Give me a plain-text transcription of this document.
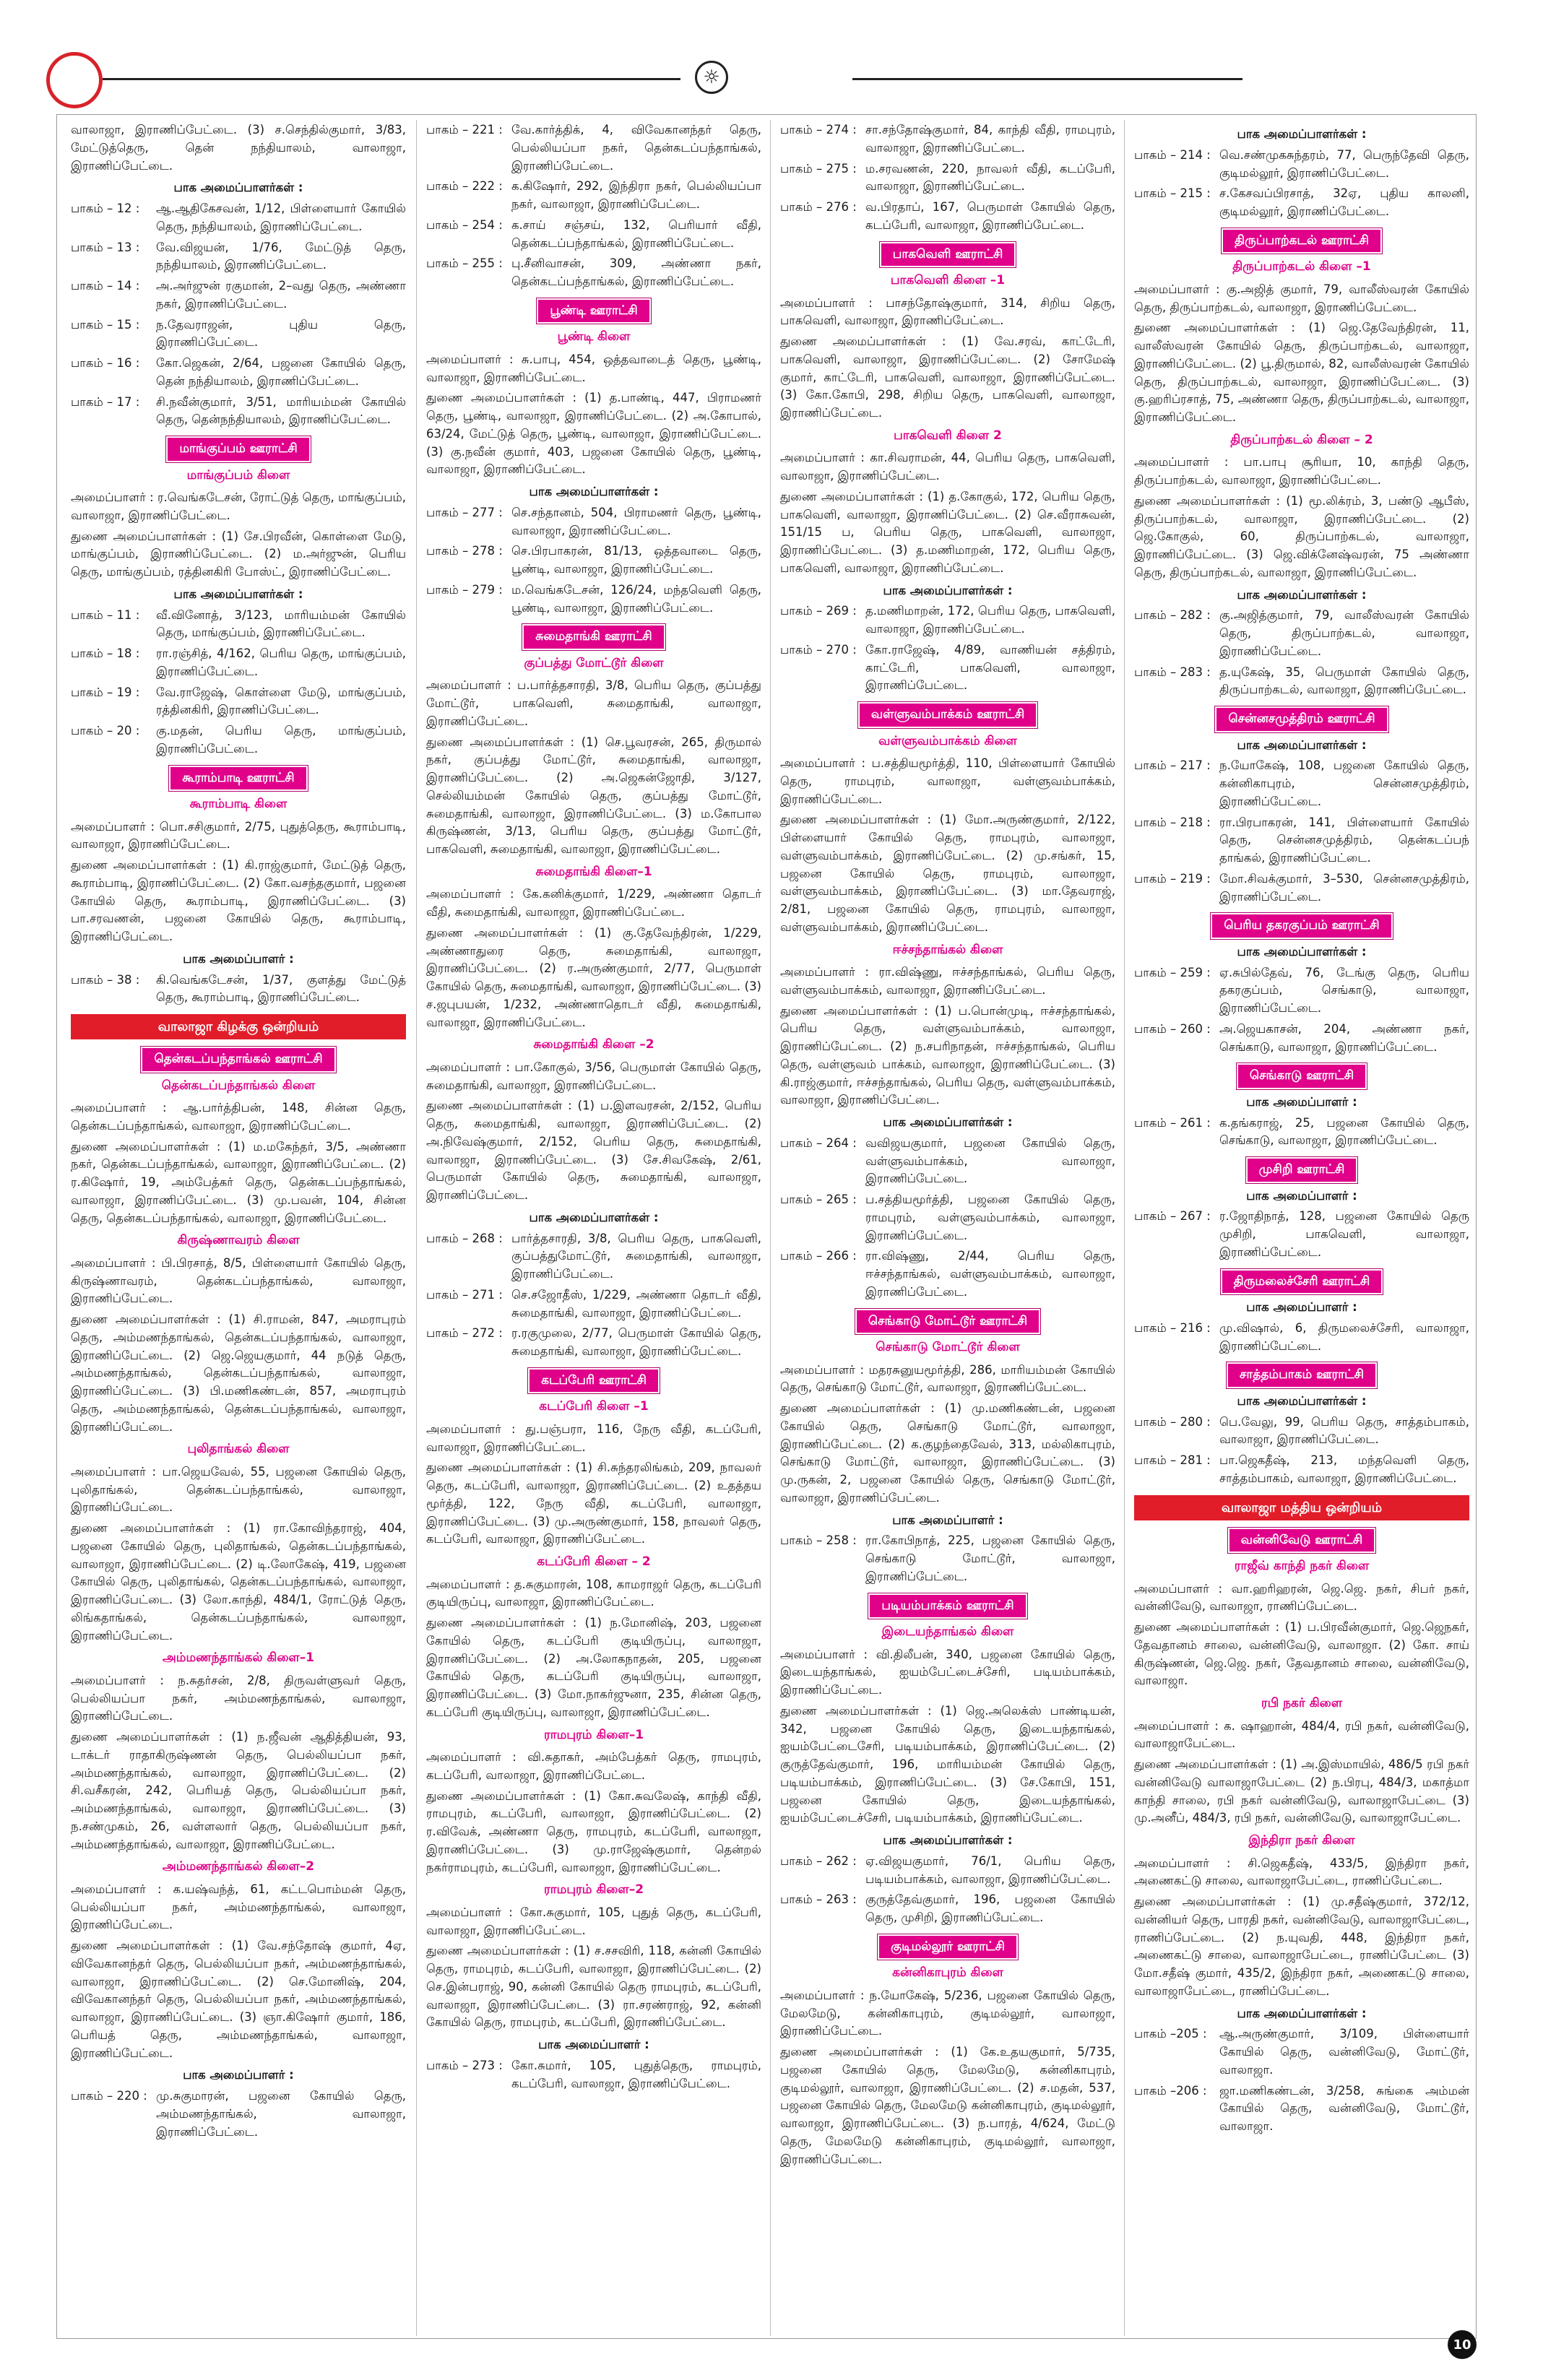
☼

வாலாஜா, இராணிப்பேட்டை. (3) ச.செந்தில்குமார், 3/83, மேட்டுத்தெரு, தென் நந்தியாலம், வாலாஜா, இராணிப்பேட்டை.

பாக அமைப்பாளர்கள் :
பாகம் – 12 :	ஆ.ஆதிகேசவன், 1/12, பிள்ளையார் கோயில் தெரு, நந்தியாலம், இராணிப்பேட்டை.
பாகம் – 13 :	வே.விஜயன், 1/76, மேட்டுத் தெரு, நந்தியாலம், இராணிப்பேட்டை.
பாகம் – 14 :	அ.அர்ஜுன் ரகுமான், 2–வது தெரு, அண்ணா நகர், இராணிப்பேட்டை.
பாகம் – 15 :	ந.தேவராஜன், புதிய தெரு, இராணிப்பேட்டை.
பாகம் – 16 :	கோ.ஜெகன், 2/64, பஜனை கோயில் தெரு, தென் நந்தியாலம், இராணிப்பேட்டை.
பாகம் – 17 :	சி.நவீன்குமார், 3/51, மாரியம்மன் கோயில் தெரு, தென்நந்தியாலம், இராணிப்பேட்டை.
மாங்குப்பம் ஊராட்சி
மாங்குப்பம் கிளை

அமைப்பாளர் : ர.வெங்கடேசன், ரோட்டுத் தெரு, மாங்குப்பம், வாலாஜா, இராணிப்பேட்டை.

துணை அமைப்பாளர்கள் : (1) சே.பிரவீன், கொள்ளை மேடு, மாங்குப்பம், இராணிப்பேட்டை. (2) ம.அர்ஜுன், பெரிய தெரு, மாங்குப்பம், ரத்தினகிரி போஸ்ட், இராணிப்பேட்டை.

பாக அமைப்பாளர்கள் :
பாகம் – 11 :	வீ.வினோத், 3/123, மாரியம்மன் கோயில் தெரு, மாங்குப்பம், இராணிப்பேட்டை.
பாகம் – 18 :	ரா.ரஞ்சித், 4/162, பெரிய தெரு, மாங்குப்பம், இராணிப்பேட்டை.
பாகம் – 19 :	வே.ராஜேஷ், கொள்ளை மேடு, மாங்குப்பம், ரத்தினகிரி, இராணிப்பேட்டை.
பாகம் – 20 :	கு.மதன், பெரிய தெரு, மாங்குப்பம், இராணிப்பேட்டை.
கூராம்பாடி ஊராட்சி
கூராம்பாடி கிளை

அமைப்பாளர் : பொ.சசிகுமார், 2/75, புதுத்தெரு, கூராம்பாடி, வாலாஜா, இராணிப்பேட்டை.

துணை அமைப்பாளர்கள் : (1) கி.ராஜ்குமார், மேட்டுத் தெரு, கூராம்பாடி, இராணிப்பேட்டை. (2) கோ.வசந்தகுமார், பஜனை கோயில் தெரு, கூராம்பாடி, இராணிப்பேட்டை. (3) பா.சரவணன், பஜனை கோயில் தெரு, கூராம்பாடி, இராணிப்பேட்டை.

பாக அமைப்பாளர் :
பாகம் – 38 :	கி.வெங்கடேசன், 1/37, குளத்து மேட்டுத் தெரு, கூராம்பாடி, இராணிப்பேட்டை.
வாலாஜா கிழக்கு ஒன்றியம்
தென்கடப்பந்தாங்கல் ஊராட்சி
தென்கடப்பந்தாங்கல் கிளை

அமைப்பாளர் : ஆ.பார்த்திபன், 148, சின்ன தெரு, தென்கடப்பந்தாங்கல், வாலாஜா, இராணிப்பேட்டை.

துணை அமைப்பாளர்கள் : (1) ம.மகேந்தர், 3/5, அண்ணா நகர், தென்கடப்பந்தாங்கல், வாலாஜா, இராணிப்பேட்டை. (2) ர.கிஷோர், 19, அம்பேத்கர் தெரு, தென்கடப்பந்தாங்கல், வாலாஜா, இராணிப்பேட்டை. (3) மு.பவன், 104, சின்ன தெரு, தென்கடப்பந்தாங்கல், வாலாஜா, இராணிப்பேட்டை.

கிருஷ்ணாவரம் கிளை

அமைப்பாளர் : பி.பிரசாத், 8/5, பிள்ளையார் கோயில் தெரு, கிருஷ்ணாவரம், தென்கடப்பந்தாங்கல், வாலாஜா, இராணிப்பேட்டை.

துணை அமைப்பாளர்கள் : (1) சி.ராமன், 847, அமராபுரம் தெரு, அம்மணந்தாங்கல், தென்கடப்பந்தாங்கல், வாலாஜா, இராணிப்பேட்டை. (2) ஜெ.ஜெயகுமார், 44 நடுத் தெரு, அம்மணந்தாங்கல், தென்கடப்பந்தாங்கல், வாலாஜா, இராணிப்பேட்டை. (3) பி.மணிகண்டன், 857, அமராபுரம் தெரு, அம்மணந்தாங்கல், தென்கடப்பந்தாங்கல், வாலாஜா, இராணிப்பேட்டை.

புலிதாங்கல் கிளை

அமைப்பாளர் : பா.ஜெயவேல், 55, பஜனை கோயில் தெரு, புலிதாங்கல், தென்கடப்பந்தாங்கல், வாலாஜா, இராணிப்பேட்டை.

துணை அமைப்பாளர்கள் : (1) ரா.கோவிந்தராஜ், 404, பஜனை கோயில் தெரு, புலிதாங்கல், தென்கடப்பந்தாங்கல், வாலாஜா, இராணிப்பேட்டை. (2) டி.லோகேஷ், 419, பஜனை கோயில் தெரு, புலிதாங்கல், தென்கடப்பந்தாங்கல், வாலாஜா, இராணிப்பேட்டை. (3) லோ.காந்தி, 484/1, ரோட்டுத் தெரு, லிங்கதாங்கல், தென்கடப்பந்தாங்கல், வாலாஜா, இராணிப்பேட்டை.

அம்மணந்தாங்கல் கிளை–1

அமைப்பாளர் : ந.சுதர்சன், 2/8, திருவள்ளுவர் தெரு, பெல்லியப்பா நகர், அம்மணந்தாங்கல், வாலாஜா, இராணிப்பேட்டை.

துணை அமைப்பாளர்கள் : (1) ந.ஜீவன் ஆதித்தியன், 93, டாக்டர் ராதாகிருஷ்ணன் தெரு, பெல்லியப்பா நகர், அம்மணந்தாங்கல், வாலாஜா, இராணிப்பேட்டை. (2) சி.வசீகரன், 242, பெரியத் தெரு, பெல்லியப்பா நகர், அம்மணந்தாங்கல், வாலாஜா, இராணிப்பேட்டை. (3) ந.சண்முகம், 26, வள்ளலார் தெரு, பெல்லியப்பா நகர், அம்மணந்தாங்கல், வாலாஜா, இராணிப்பேட்டை.

அம்மணந்தாங்கல் கிளை–2

அமைப்பாளர் : க.யஷ்வந்த், 61, கட்டபொம்மன் தெரு, பெல்லியப்பா நகர், அம்மணந்தாங்கல், வாலாஜா, இராணிப்பேட்டை.

துணை அமைப்பாளர்கள் : (1) வே.சந்தோஷ் குமார், 4ஏ, விவேகானந்தர் தெரு, பெல்லியப்பா நகர், அம்மணந்தாங்கல், வாலாஜா, இராணிப்பேட்டை. (2) செ.மோனிஷ், 204, விவேகானந்தர் தெரு, பெல்லியப்பா நகர், அம்மணந்தாங்கல், வாலாஜா, இராணிப்பேட்டை. (3) ஞா.கிஷோர் குமார், 186, பெரியத் தெரு, அம்மணந்தாங்கல், வாலாஜா, இராணிப்பேட்டை.

பாக அமைப்பாளர் :
பாகம் – 220 : மு.சுகுமாரன், பஜனை கோயில் தெரு, அம்மணந்தாங்கல், வாலாஜா, இராணிப்பேட்டை.
பாகம் – 221 : வே.கார்த்திக், 4, விவேகானந்தர் தெரு, பெல்லியப்பா நகர், தென்கடப்பந்தாங்கல், இராணிப்பேட்டை.
பாகம் – 222 : க.கிஷோர், 292, இந்திரா நகர், பெல்லியப்பா நகர், வாலாஜா, இராணிப்பேட்டை.
பாகம் – 254 : க.சாய் சஞ்சய், 132, பெரியார் வீதி, தென்கடப்பந்தாங்கல், இராணிப்பேட்டை.
பாகம் – 255 : பு.சீனிவாசன், 309, அண்ணா நகர், தென்கடப்பந்தாங்கல், இராணிப்பேட்டை.
பூண்டி ஊராட்சி
பூண்டி கிளை

அமைப்பாளர் : சு.பாபு, 454, ஒத்தவாடைத் தெரு, பூண்டி, வாலாஜா, இராணிப்பேட்டை.

துணை அமைப்பாளர்கள் : (1) த.பாண்டி, 447, பிராமணர் தெரு, பூண்டி, வாலாஜா, இராணிப்பேட்டை. (2) அ.கோபால், 63/24, மேட்டுத் தெரு, பூண்டி, வாலாஜா, இராணிப்பேட்டை. (3) கு.நவீன் குமார், 403, பஜனை கோயில் தெரு, பூண்டி, வாலாஜா, இராணிப்பேட்டை.

பாக அமைப்பாளர்கள் :
பாகம் – 277 : செ.சந்தானம், 504, பிராமணர் தெரு, பூண்டி, வாலாஜா, இராணிப்பேட்டை.
பாகம் – 278 : செ.பிரபாகரன், 81/13, ஒத்தவாடை தெரு, பூண்டி, வாலாஜா, இராணிப்பேட்டை.
பாகம் – 279 : ம.வெங்கடேசன், 126/24, மந்தவெளி தெரு, பூண்டி, வாலாஜா, இராணிப்பேட்டை.
சுமைதாங்கி ஊராட்சி
குப்பத்து மோட்டூர் கிளை

அமைப்பாளர் : ப.பார்த்தசாரதி, 3/8, பெரிய தெரு, குப்பத்து மோட்டூர், பாகவெளி, சுமைதாங்கி, வாலாஜா, இராணிப்பேட்டை.

துணை அமைப்பாளர்கள் : (1) செ.பூவரசன், 265, திருமால் நகர், குப்பத்து மோட்டூர், சுமைதாங்கி, வாலாஜா, இராணிப்பேட்டை. (2) அ.ஜெகன்ஜோதி, 3/127, செல்லியம்மன் கோயில் தெரு, குப்பத்து மோட்டூர், சுமைதாங்கி, வாலாஜா, இராணிப்பேட்டை. (3) ம.கோபால கிருஷ்ணன், 3/13, பெரிய தெரு, குப்பத்து மோட்டூர், பாகவெளி, சுமைதாங்கி, வாலாஜா, இராணிப்பேட்டை.

சுமைதாங்கி கிளை–1

அமைப்பாளர் : கே.கனிக்குமார், 1/229, அண்ணா தொடர் வீதி, சுமைதாங்கி, வாலாஜா, இராணிப்பேட்டை.

துணை அமைப்பாளர்கள் : (1) கு.தேவேந்திரன், 1/229, அண்ணாதுரை தெரு, சுமைதாங்கி, வாலாஜா, இராணிப்பேட்டை. (2) ர.அருண்குமார், 2/77, பெருமாள் கோயில் தெரு, சுமைதாங்கி, வாலாஜா, இராணிப்பேட்டை. (3) ச.ஜபுபயன், 1/232, அண்ணாதொடர் வீதி, சுமைதாங்கி, வாலாஜா, இராணிப்பேட்டை.

சுமைதாங்கி கிளை –2

அமைப்பாளர் : பா.கோகுல், 3/56, பெருமாள் கோயில் தெரு, சுமைதாங்கி, வாலாஜா, இராணிப்பேட்டை.

துணை அமைப்பாளர்கள் : (1) ப.இளவரசன், 2/152, பெரிய தெரு, சுமைதாங்கி, வாலாஜா, இராணிப்பேட்டை. (2) அ.நிவேஷ்குமார், 2/152, பெரிய தெரு, சுமைதாங்கி, வாலாஜா, இராணிப்பேட்டை. (3) சே.சிவகேஷ், 2/61, பெருமாள் கோயில் தெரு, சுமைதாங்கி, வாலாஜா, இராணிப்பேட்டை.

பாக அமைப்பாளர்கள் :
பாகம் – 268 : பார்த்தசாரதி, 3/8, பெரிய தெரு, பாகவெளி, குப்பத்துமோட்டூர், சுமைதாங்கி, வாலாஜா, இராணிப்பேட்டை.
பாகம் – 271 : செ.சஜோதீஸ், 1/229, அண்ணா தொடர் வீதி, சுமைதாங்கி, வாலாஜா, இராணிப்பேட்டை.
பாகம் – 272 : ர.ரகுமுலை, 2/77, பெருமாள் கோயில் தெரு, சுமைதாங்கி, வாலாஜா, இராணிப்பேட்டை.
கடப்பேரி ஊராட்சி
கடப்பேரி கிளை –1

அமைப்பாளர் : து.பஞ்பரா, 116, நேரு வீதி, கடப்பேரி, வாலாஜா, இராணிப்பேட்டை.

துணை அமைப்பாளர்கள் : (1) சி.சுந்தரலிங்கம், 209, நாவலர் தெரு, கடப்பேரி, வாலாஜா, இராணிப்பேட்டை. (2) உதத்தய மூர்த்தி, 122, நேரு வீதி, கடப்பேரி, வாலாஜா, இராணிப்பேட்டை. (3) மு.அருண்குமார், 158, நாவலர் தெரு, கடப்பேரி, வாலாஜா, இராணிப்பேட்டை.

கடப்பேரி கிளை – 2

அமைப்பாளர் : த.சுகுமாரன், 108, காமராஜர் தெரு, கடப்பேரி குடியிருப்பு, வாலாஜா, இராணிப்பேட்டை.

துணை அமைப்பாளர்கள் : (1) ந.மோனிஷ், 203, பஜனை கோயில் தெரு, கடப்பேரி குடியிருப்பு, வாலாஜா, இராணிப்பேட்டை. (2) அ.லோகநாதன், 205, பஜனை கோயில் தெரு, கடப்பேரி குடியிருப்பு, வாலாஜா, இராணிப்பேட்டை. (3) மோ.நாகர்ஜுனா, 235, சின்ன தெரு, கடப்பேரி குடியிருப்பு, வாலாஜா, இராணிப்பேட்டை.

ராமபுரம் கிளை–1

அமைப்பாளர் : வி.சுதாகர், அம்பேத்கர் தெரு, ராமபுரம், கடப்பேரி, வாலாஜா, இராணிப்பேட்டை.

துணை அமைப்பாளர்கள் : (1) கோ.சுவலேஷ், காந்தி வீதி, ராமபுரம், கடப்பேரி, வாலாஜா, இராணிப்பேட்டை. (2) ர.விவேக், அண்ணா தெரு, ராமபுரம், கடப்பேரி, வாலாஜா, இராணிப்பேட்டை. (3) மு.ராஜேஷ்குமார், தென்றல் நகர்ராமபுரம், கடப்பேரி, வாலாஜா, இராணிப்பேட்டை.

ராமபுரம் கிளை–2

அமைப்பாளர் : கோ.சுகுமார், 105, புதுத் தெரு, கடப்பேரி, வாலாஜா, இராணிப்பேட்டை.

துணை அமைப்பாளர்கள் : (1) ச.சசவிரி, 118, கன்னி கோயில் தெரு, ராமபுரம், கடப்பேரி, வாலாஜா, இராணிப்பேட்டை. (2) செ.இன்பராஜ், 90, கன்னி கோயில் தெரு ராமபுரம், கடப்பேரி, வாலாஜா, இராணிப்பேட்டை. (3) ரா.சரண்ராஜ், 92, கன்னி கோயில் தெரு, ராமபுரம், கடப்பேரி, இராணிப்பேட்டை.

பாக அமைப்பாளர் :
பாகம் – 273 : கோ.சுமார், 105, புதுத்தெரு, ராமபுரம், கடப்பேரி, வாலாஜா, இராணிப்பேட்டை.
பாகம் – 274 : சா.சந்தோஷ்குமார், 84, காந்தி வீதி, ராமபுரம், வாலாஜா, இராணிப்பேட்டை.
பாகம் – 275 : ம.சரவணன், 220, நாவலர் வீதி, கடப்பேரி, வாலாஜா, இராணிப்பேட்டை.
பாகம் – 276 : வ.பிரதாப், 167, பெருமாள் கோயில் தெரு, கடப்பேரி, வாலாஜா, இராணிப்பேட்டை.
பாகவெளி ஊராட்சி
பாகவெளி கிளை –1

அமைப்பாளர் : பாசந்தோஷ்குமார், 314, சிறிய தெரு, பாகவெளி, வாலாஜா, இராணிப்பேட்டை.

துணை அமைப்பாளர்கள் : (1) வே.சரவ், காட்டேரி, பாகவெளி, வாலாஜா, இராணிப்பேட்டை. (2) சோமேஷ் குமார், காட்டேரி, பாகவெளி, வாலாஜா, இராணிப்பேட்டை. (3) கோ.கோபி, 298, சிறிய தெரு, பாகவெளி, வாலாஜா, இராணிப்பேட்டை.

பாகவெளி கிளை 2

அமைப்பாளர் : கா.சிவராமன், 44, பெரிய தெரு, பாகவெளி, வாலாஜா, இராணிப்பேட்டை.

துணை அமைப்பாளர்கள் : (1) த.கோகுல், 172, பெரிய தெரு, பாகவெளி, வாலாஜா, இராணிப்பேட்டை. (2) செ.வீராசுவன், 151/15 ப, பெரிய தெரு, பாகவெளி, வாலாஜா, இராணிப்பேட்டை. (3) த.மணிமாறன், 172, பெரிய தெரு, பாகவெளி, வாலாஜா, இராணிப்பேட்டை.

பாக அமைப்பாளர்கள் :
பாகம் – 269 : த.மணிமாறன், 172, பெரிய தெரு, பாகவெளி, வாலாஜா, இராணிப்பேட்டை.
பாகம் – 270 : கோ.ராஜேஷ், 4/89, வாணியன் சத்திரம், காட்டேரி, பாகவெளி, வாலாஜா, இராணிப்பேட்டை.
வள்ளுவம்பாக்கம் ஊராட்சி
வள்ளுவம்பாக்கம் கிளை

அமைப்பாளர் : ப.சத்தியமூர்த்தி, 110, பிள்ளையார் கோயில் தெரு, ராமபுரம், வாலாஜா, வள்ளுவம்பாக்கம், இராணிப்பேட்டை.

துணை அமைப்பாளர்கள் : (1) மோ.அருண்குமார், 2/122, பிள்ளையார் கோயில் தெரு, ராமபுரம், வாலாஜா, வள்ளுவம்பாக்கம், இராணிப்பேட்டை. (2) மு.சங்கர், 15, பஜனை கோயில் தெரு, ராமபுரம், வாலாஜா, வள்ளுவம்பாக்கம், இராணிப்பேட்டை. (3) மா.தேவராஜ், 2/81, பஜனை கோயில் தெரு, ராமபுரம், வாலாஜா, வள்ளுவம்பாக்கம், இராணிப்பேட்டை.

ஈச்சந்தாங்கல் கிளை

அமைப்பாளர் : ரா.விஷ்ணு, ஈச்சந்தாங்கல், பெரிய தெரு, வள்ளுவம்பாக்கம், வாலாஜா, இராணிப்பேட்டை.

துணை அமைப்பாளர்கள் : (1) ப.பொன்முடி, ஈச்சந்தாங்கல், பெரிய தெரு, வள்ளுவம்பாக்கம், வாலாஜா, இராணிப்பேட்டை. (2) ந.சபரிநாதன், ஈச்சந்தாங்கல், பெரிய தெரு, வள்ளுவம் பாக்கம், வாலாஜா, இராணிப்பேட்டை. (3) கி.ராஜ்குமார், ஈச்சந்தாங்கல், பெரிய தெரு, வள்ளுவம்பாக்கம், வாலாஜா, இராணிப்பேட்டை.

பாக அமைப்பாளர்கள் :
பாகம் – 264 : வவிஜயகுமார், பஜனை கோயில் தெரு, வள்ளுவம்பாக்கம், வாலாஜா, இராணிப்பேட்டை.
பாகம் – 265 : ப.சத்தியமூர்த்தி, பஜனை கோயில் தெரு, ராமபுரம், வள்ளுவம்பாக்கம், வாலாஜா, இராணிப்பேட்டை.
பாகம் – 266 : ரா.விஷ்ணு, 2/44, பெரிய தெரு, ஈச்சந்தாங்கல், வள்ளுவம்பாக்கம், வாலாஜா, இராணிப்பேட்டை.
செங்காடு மோட்டூர் ஊராட்சி
செங்காடு மோட்டூர் கிளை

அமைப்பாளர் : மதரசுனுயமூர்த்தி, 286, மாரியம்மன் கோயில் தெரு, செங்காடு மோட்டூர், வாலாஜா, இராணிப்பேட்டை.

துணை அமைப்பாளர்கள் : (1) மு.மணிகண்டன், பஜனை கோயில் தெரு, செங்காடு மோட்டூர், வாலாஜா, இராணிப்பேட்டை. (2) க.குழந்தைவேல், 313, மல்லிகாபுரம், செங்காடு மோட்டூர், வாலாஜா, இராணிப்பேட்டை. (3) மு.ருகன், 2, பஜனை கோயில் தெரு, செங்காடு மோட்டூர், வாலாஜா, இராணிப்பேட்டை.

பாக அமைப்பாளர் :
பாகம் – 258 : ரா.கோபிநாத், 225, பஜனை கோயில் தெரு, செங்காடு மோட்டூர், வாலாஜா, இராணிப்பேட்டை.
படியம்பாக்கம் ஊராட்சி
இடையந்தாங்கல் கிளை

அமைப்பாளர் : வி.திலீபன், 340, பஜனை கோயில் தெரு, இடையந்தாங்கல், ஐயம்பேட்டைச்சேரி, படியம்பாக்கம், இராணிப்பேட்டை.

துணை அமைப்பாளர்கள் : (1) ஜெ.அலெக்ஸ் பாண்டியன், 342, பஜனை கோயில் தெரு, இடையந்தாங்கல், ஐயம்பேட்டைசேரி, படியம்பாக்கம், இராணிப்பேட்டை. (2) குருத்தேவ்குமார், 196, மாரியம்மன் கோயில் தெரு, படியம்பாக்கம், இராணிப்பேட்டை. (3) சே.கோபி, 151, பஜனை கோயில் தெரு, இடையந்தாங்கல், ஐயம்பேட்டைச்சேரி, படியம்பாக்கம், இராணிப்பேட்டை.

பாக அமைப்பாளர்கள் :
பாகம் – 262 : ஏ.விஜயகுமார், 76/1, பெரிய தெரு, படியம்பாக்கம், வாலாஜா, இராணிப்பேட்டை.
பாகம் – 263 : குருத்தேவ்குமார், 196, பஜனை கோயில் தெரு, முசிறி, இராணிப்பேட்டை.
குடிமல்லூர் ஊராட்சி
கன்னிகாபுரம் கிளை

அமைப்பாளர் : ந.யோகேஷ், 5/236, பஜனை கோயில் தெரு, மேலமேடு, கன்னிகாபுரம், குடிமல்லூர், வாலாஜா, இராணிப்பேட்டை.

துணை அமைப்பாளர்கள் : (1) கே.உதயகுமார், 5/735, பஜனை கோயில் தெரு, மேலமேடு, கன்னிகாபுரம், குடிமல்லூர், வாலாஜா, இராணிப்பேட்டை. (2) ச.மதன், 537, பஜனை கோயில் தெரு, மேலமேடு கன்னிகாபுரம், குடிமல்லூர், வாலாஜா, இராணிப்பேட்டை. (3) ந.பாரத், 4/624, மேட்டு தெரு, மேலமேடு கன்னிகாபுரம், குடிமல்லூர், வாலாஜா, இராணிப்பேட்டை.

பாக அமைப்பாளர்கள் :
பாகம் – 214 : வெ.சண்முகசுந்தரம், 77, பெருந்தேவி தெரு, குடிமல்லூர், இராணிப்பேட்டை.
பாகம் – 215 : ச.கேசவப்பிரசாத், 32ஏ, புதிய காலனி, குடிமல்லூர், இராணிப்பேட்டை.
திருப்பாற்கடல் ஊராட்சி
திருப்பாற்கடல் கிளை –1

அமைப்பாளர் : கு.அஜித் குமார், 79, வாலீஸ்வரன் கோயில் தெரு, திருப்பாற்கடல், வாலாஜா, இராணிப்பேட்டை.

துணை அமைப்பாளர்கள் : (1) ஜெ.தேவேந்திரன், 11, வாலீஸ்வரன் கோயில் தெரு, திருப்பாற்கடல், வாலாஜா, இராணிப்பேட்டை. (2) பூ.திருமால், 82, வாலீஸ்வரன் கோயில் தெரு, திருப்பாற்கடல், வாலாஜா, இராணிப்பேட்டை. (3) கு.ஹரிப்ரசாத், 75, அண்ணா தெரு, திருப்பாற்கடல், வாலாஜா, இராணிப்பேட்டை.

திருப்பாற்கடல் கிளை – 2

அமைப்பாளர் : பா.பாபு சூரியா, 10, காந்தி தெரு, திருப்பாற்கடல், வாலாஜா, இராணிப்பேட்டை.

துணை அமைப்பாளர்கள் : (1) மூ.லிக்ரம், 3, பண்டு ஆபீஸ், திருப்பாற்கடல், வாலாஜா, இராணிப்பேட்டை. (2) ஜெ.கோகுல், 60, திருப்பாற்கடல், வாலாஜா, இராணிப்பேட்டை. (3) ஜெ.விக்னேஷ்வரன், 75 அண்ணா தெரு, திருப்பாற்கடல், வாலாஜா, இராணிப்பேட்டை.

பாக அமைப்பாளர்கள் :
பாகம் – 282 : கு.அஜித்குமார், 79, வாலீஸ்வரன் கோயில் தெரு, திருப்பாற்கடல், வாலாஜா, இராணிப்பேட்டை.
பாகம் – 283 : த.யுகேஷ், 35, பெருமாள் கோயில் தெரு, திருப்பாற்கடல், வாலாஜா, இராணிப்பேட்டை.
சென்னசமுத்திரம் ஊராட்சி
பாக அமைப்பாளர்கள் :
பாகம் – 217 : ந.யோகேஷ், 108, பஜனை கோயில் தெரு, கன்னிகாபுரம், சென்னசமுத்திரம், இராணிப்பேட்டை.
பாகம் – 218 : ரா.பிரபாகரன், 141, பிள்ளையார் கோயில் தெரு, சென்னசமுத்திரம், தென்கடப்பந் தாங்கல், இராணிப்பேட்டை.
பாகம் – 219 : மோ.சிவக்குமார், 3–530, சென்னசமுத்திரம், இராணிப்பேட்டை.
பெரிய தகரகுப்பம் ஊராட்சி
பாக அமைப்பாளர்கள் :
பாகம் – 259 : ஏ.சுபில்தேவ், 76, டேங்கு தெரு, பெரிய தகரகுப்பம், செங்காடு, வாலாஜா, இராணிப்பேட்டை.
பாகம் – 260 : அ.ஜெயகாசன், 204, அண்ணா நகர், செங்காடு, வாலாஜா, இராணிப்பேட்டை.
செங்காடு ஊராட்சி
பாக அமைப்பாளர் :
பாகம் – 261 : க.தங்கராஜ், 25, பஜனை கோயில் தெரு, செங்காடு, வாலாஜா, இராணிப்பேட்டை.
முசிறி ஊராட்சி
பாக அமைப்பாளர் :
பாகம் – 267 : ர.ஜோதிநாத், 128, பஜனை கோயில் தெரு முசிறி, பாகவெளி, வாலாஜா, இராணிப்பேட்டை.
திருமலைச்சேரி ஊராட்சி
பாக அமைப்பாளர் :
பாகம் – 216 : மு.விஷால், 6, திருமலைச்சேரி, வாலாஜா, இராணிப்பேட்டை.
சாத்தம்பாகம் ஊராட்சி
பாக அமைப்பாளர்கள் :
பாகம் – 280 : பெ.வேலு, 99, பெரிய தெரு, சாத்தம்பாகம், வாலாஜா, இராணிப்பேட்டை.
பாகம் – 281 : பா.ஜெகதீஷ், 213, மந்தவெளி தெரு, சாத்தம்பாகம், வாலாஜா, இராணிப்பேட்டை.
வாலாஜா மத்திய ஒன்றியம்
வன்னிவேடு ஊராட்சி
ராஜீவ் காந்தி நகர் கிளை

அமைப்பாளர் : வா.ஹரிஹரன், ஜெ.ஜெ. நகர், சிபர் நகர், வன்னிவேடு, வாலாஜா, ராணிப்பேட்டை.

துணை அமைப்பாளர்கள் : (1) ப.பிரவீன்குமார், ஜெ.ஜெநகர், தேவதானம் சாலை, வன்னிவேடு, வாலாஜா. (2) கோ. சாய் கிருஷ்ணன், ஜெ.ஜெ. நகர், தேவதானம் சாலை, வன்னிவேடு, வாலாஜா.

ரபி நகர் கிளை

அமைப்பாளர் : க. ஷாஹான், 484/4, ரபி நகர், வன்னிவேடு, வாலாஜாபேட்டை.

துணை அமைப்பாளர்கள் : (1) அ.இஸ்மாயில், 486/5 ரபி நகர் வன்னிவேடு வாலாஜாபேட்டை (2) ந.பிரபு, 484/3, மகாத்மா காந்தி சாலை, ரபி நகர் வன்னிவேடு, வாலாஜாபேட்டை (3) மு.அனீப், 484/3, ரபி நகர், வன்னிவேடு, வாலாஜாபேட்டை.

இந்திரா நகர் கிளை

அமைப்பாளர் : சி.ஜெகதீஷ், 433/5, இந்திரா நகர், அணைகட்டு சாலை, வாலாஜாபேட்டை, ராணிப்பேட்டை.

துணை அமைப்பாளர்கள் : (1) மு.சதீஷ்குமார், 372/12, வன்னியர் தெரு, பாரதி நகர், வன்னிவேடு, வாலாஜாபேட்டை, ராணிப்பேட்டை. (2) ந.யுவதி, 448, இந்திரா நகர், அணைகட்டு சாலை, வாலாஜாபேட்டை, ராணிப்பேட்டை (3) மோ.சதீஷ் குமார், 435/2, இந்திரா நகர், அணைகட்டு சாலை, வாலாஜாபேட்டை, ராணிப்பேட்டை.

பாக அமைப்பாளர்கள் :
பாகம் –205 :	ஆ.அருண்குமார், 3/109, பிள்ளையார் கோயில் தெரு, வன்னிவேடு, மோட்டூர், வாலாஜா.
பாகம் –206 :	ஜா.மணிகண்டன், 3/258, சுங்கை அம்மன் கோயில் தெரு, வன்னிவேடு, மோட்டூர், வாலாஜா.
10
